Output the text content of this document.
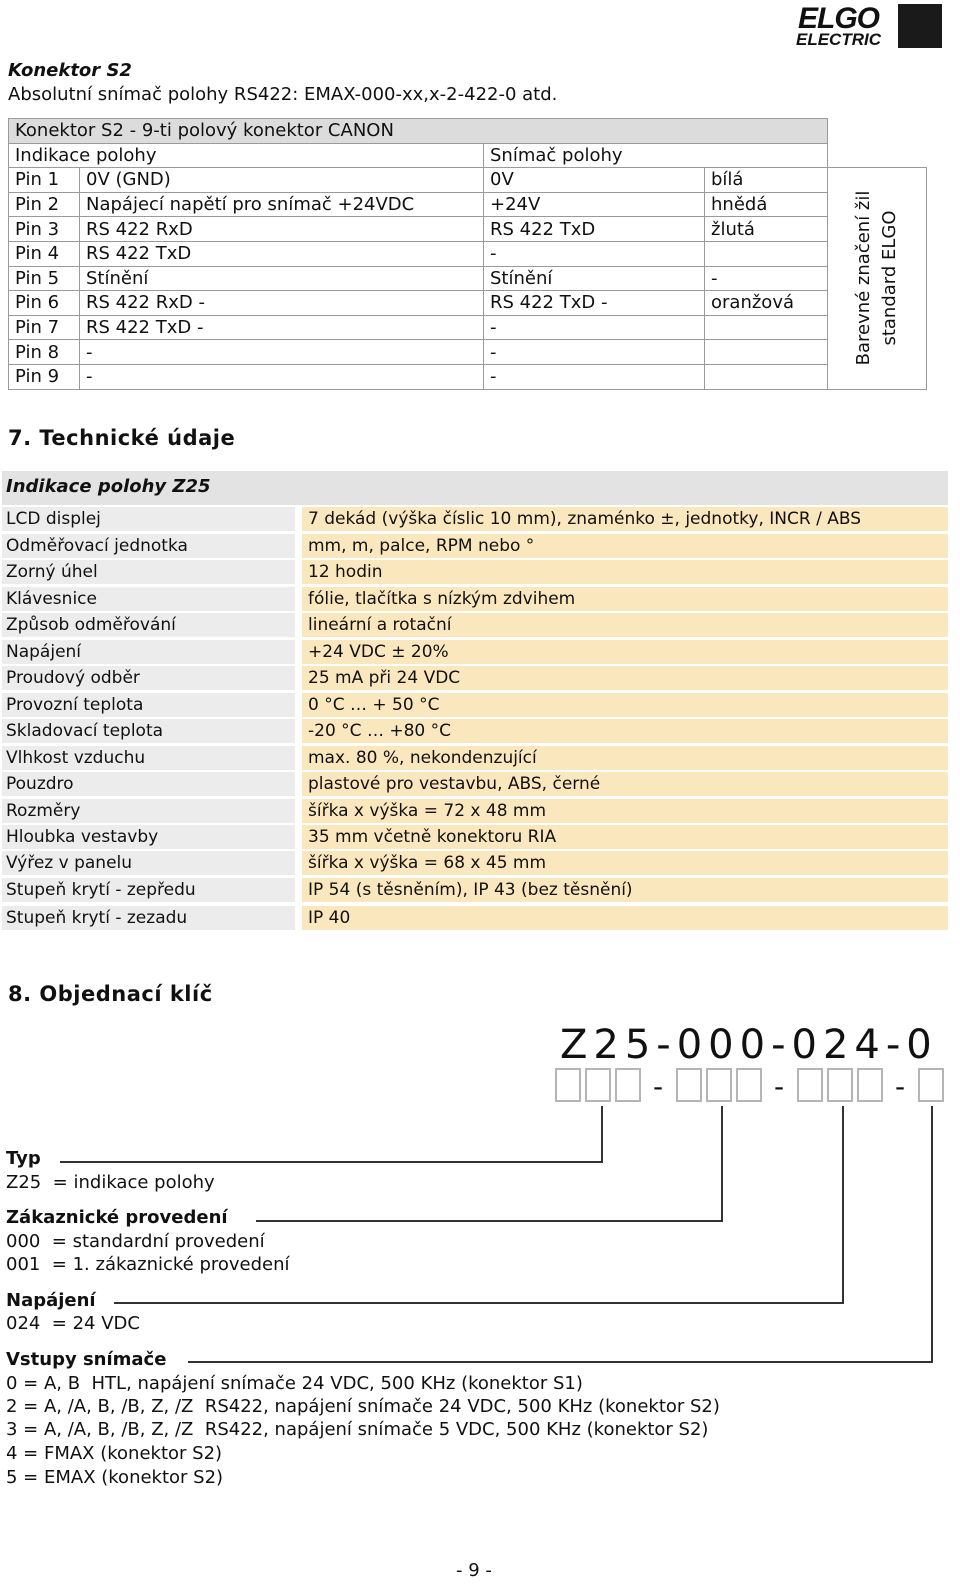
ELGO
ELECTRIC
Konektor S2
Absolutní snímač polohy RS422: EMAX-000-xx,x-2-422-0 atd.
Konektor S2 - 9-ti polový konektor CANON				
Indikace polohy		Snímač polohy		
Pin 1	0V (GND)	0V	bílá	Barevné značení žil standard ELGO

Pin 2	Napájecí napětí pro snímač +24VDC	+24V	hnědá	
Pin 3	RS 422 RxD	RS 422 TxD	žlutá	
Pin 4	RS 422 TxD	-		
Pin 5	Stínění	Stínění	-	
Pin 6	RS 422 RxD -	RS 422 TxD -	oranžová	
Pin 7	RS 422 TxD -	-		
Pin 8	-	-		
Pin 9	-	-		
7. Technické údaje
Indikace polohy Z25
LCD displej	7 dekád (výška číslic 10 mm), znaménko ±, jednotky, INCR / ABS
Odměřovací jednotka	mm, m, palce, RPM nebo °
Zorný úhel	12 hodin
Klávesnice	fólie, tlačítka s nízkým zdvihem
Způsob odměřování	lineární a rotační
Napájení	+24 VDC ± 20%
Proudový odběr	25 mA při 24 VDC
Provozní teplota	0 °C … + 50 °C
Skladovací teplota	-20 °C … +80 °C
Vlhkost vzduchu	max. 80 %, nekondenzující
Pouzdro	plastové pro vestavbu, ABS, černé
Rozměry	šířka x výška = 72 x 48 mm
Hloubka vestavby	35 mm včetně konektoru RIA
Výřez v panelu	šířka x výška = 68 x 45 mm
Stupeň krytí - zepředu	IP 54 (s těsněním), IP 43 (bez těsnění)
Stupeň krytí - zezadu	IP 40
8. Objednací klíč
Z25-000-024-0
-	-	-
Typ
Z25  = indikace polohy
Zákaznické provedení
000  = standardní provedení
001  = 1. zákaznické provedení
Napájení
024  = 24 VDC
Vstupy snímače
0 = A, B  HTL, napájení snímače 24 VDC, 500 KHz (konektor S1)
2 = A, /A, B, /B, Z, /Z  RS422, napájení snímače 24 VDC, 500 KHz (konektor S2)
3 = A, /A, B, /B, Z, /Z  RS422, napájení snímače 5 VDC, 500 KHz (konektor S2)
4 = FMAX (konektor S2)
5 = EMAX (konektor S2)
- 9 -
